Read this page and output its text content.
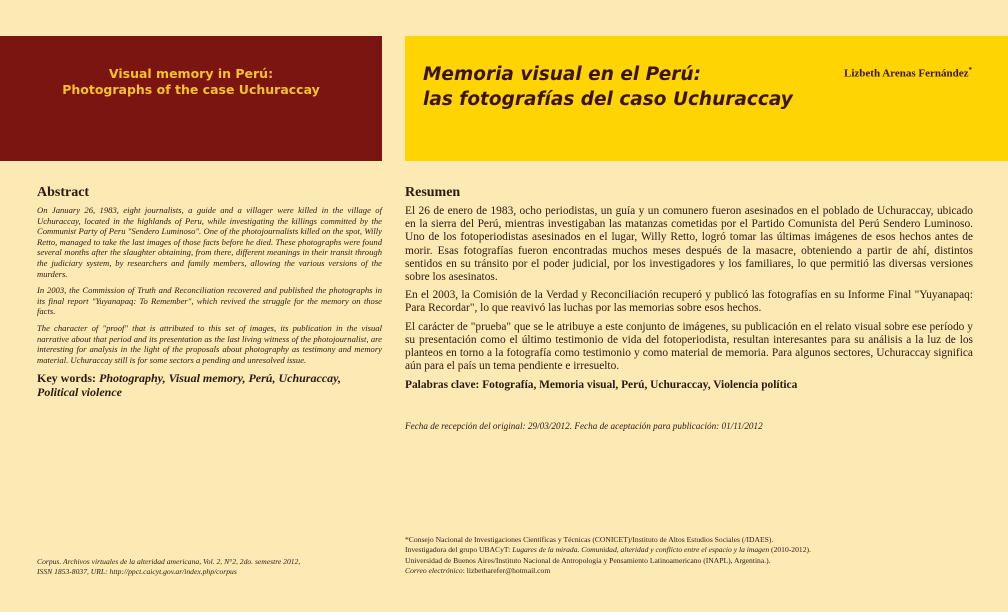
Visual memory in Perú:
Photographs of the case Uchuraccay
Memoria visual en el Perú:
las fotografías del caso Uchuraccay
Lizbeth Arenas Fernández*
Abstract

On January 26, 1983, eight journalists, a guide and a villager were killed in the village of Uchuraccay, located in the highlands of Peru, while investigating the killings committed by the Communist Party of Peru "Sendero Luminoso". One of the photojournalists killed on the spot, Willy Retto, managed to take the last images of those facts before he died. These photographs were found several months after the slaughter obtaining, from there, different meanings in their transit through the judiciary system, by researchers and family members, allowing the various versions of the murders.

In 2003, the Commission of Truth and Reconciliation recovered and published the photographs in its final report "Yuyanapaq: To Remember", which revived the struggle for the memory on those facts.

The character of "proof" that is attributed to this set of images, its publication in the visual narrative about that period and its presentation as the last living witness of the photojournalist, are interesting for analysis in the light of the proposals about photography as testimony and memory material. Uchuraccay still is for some sectors a pending and unresolved issue.

Key words: Photography, Visual memory, Perú, Uchuraccay, Political violence
Resumen

El 26 de enero de 1983, ocho periodistas, un guía y un comunero fueron asesinados en el poblado de Uchuraccay, ubicado en la sierra del Perú, mientras investigaban las matanzas cometidas por el Partido Comunista del Perú Sendero Luminoso. Uno de los fotoperiodistas asesinados en el lugar, Willy Retto, logró tomar las últimas imágenes de esos hechos antes de morir. Esas fotografías fueron encontradas muchos meses después de la masacre, obteniendo a partir de ahí, distintos sentidos en su tránsito por el poder judicial, por los investigadores y los familiares, lo que permitió las diversas versiones sobre los asesinatos.

En el 2003, la Comisión de la Verdad y Reconciliación recuperó y publicó las fotografías en su Informe Final "Yuyanapaq: Para Recordar", lo que reavivó las luchas por las memorias sobre esos hechos.

El carácter de "prueba" que se le atribuye a este conjunto de imágenes, su publicación en el relato visual sobre ese período y su presentación como el último testimonio de vida del fotoperiodista, resultan interesantes para su análisis a la luz de los planteos en torno a la fotografía como testimonio y como material de memoria. Para algunos sectores, Uchuraccay significa aún para el país un tema pendiente e irresuelto.

Palabras clave: Fotografía, Memoria visual, Perú, Uchuraccay, Violencia política
Fecha de recepción del original: 29/03/2012. Fecha de aceptación para publicación: 01/11/2012
Corpus. Archivos virtuales de la alteridad americana, Vol. 2, N°2, 2do. semestre 2012,
ISSN 1853-8037, URL: http://ppct.caicyt.gov.ar/index.php/corpus
*Consejo Nacional de Investigaciones Científicas y Técnicas (CONICET)/Instituto de Altos Estudios Sociales (/IDAES).
Investigadora del grupo UBACyT: Lugares de la mirada. Comunidad, alteridad y conflicto entre el espacio y la imagen (2010-2012).
Universidad de Buenos Aires/Instituto Nacional de Antropología y Pensamiento Latinoamericano (INAPL), Argentina.).
Correo electrónico: lizbetharefer@hotmail.com
